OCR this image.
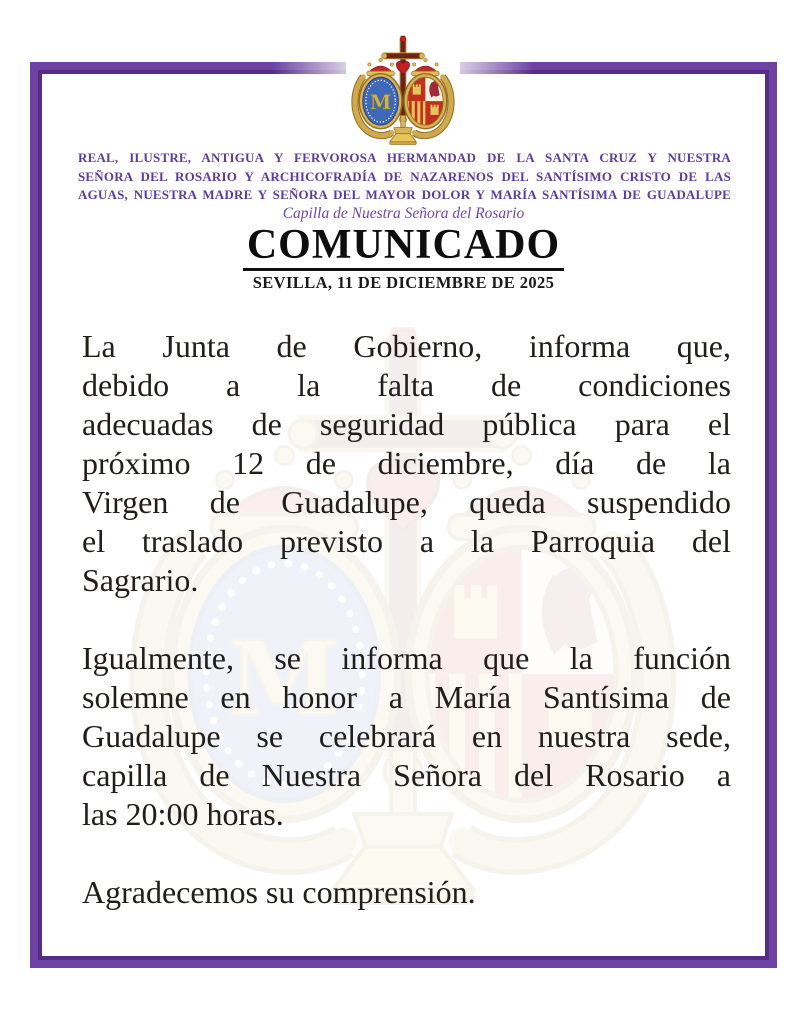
REAL, ILUSTRE, ANTIGUA Y FERVOROSA HERMANDAD DE LA SANTA CRUZ Y NUESTRA
SEÑORA DEL ROSARIO Y ARCHICOFRADÍA DE NAZARENOS DEL SANTÍSIMO CRISTO DE LAS
AGUAS, NUESTRA MADRE Y SEÑORA DEL MAYOR DOLOR Y MARÍA SANTÍSIMA DE GUADALUPE
Capilla de Nuestra Señora del Rosario
COMUNICADO
SEVILLA, 11 DE DICIEMBRE DE 2025
La Junta de Gobierno, informa que,
debido a la falta de condiciones
adecuadas de seguridad pública para el
próximo 12 de diciembre, día de la
Virgen de Guadalupe, queda suspendido
el traslado previsto a la Parroquia del
Sagrario.
Igualmente, se informa que la función
solemne en honor a María Santísima de
Guadalupe se celebrará en nuestra sede,
capilla de Nuestra Señora del Rosario a
las 20:00 horas.
Agradecemos su comprensión.
